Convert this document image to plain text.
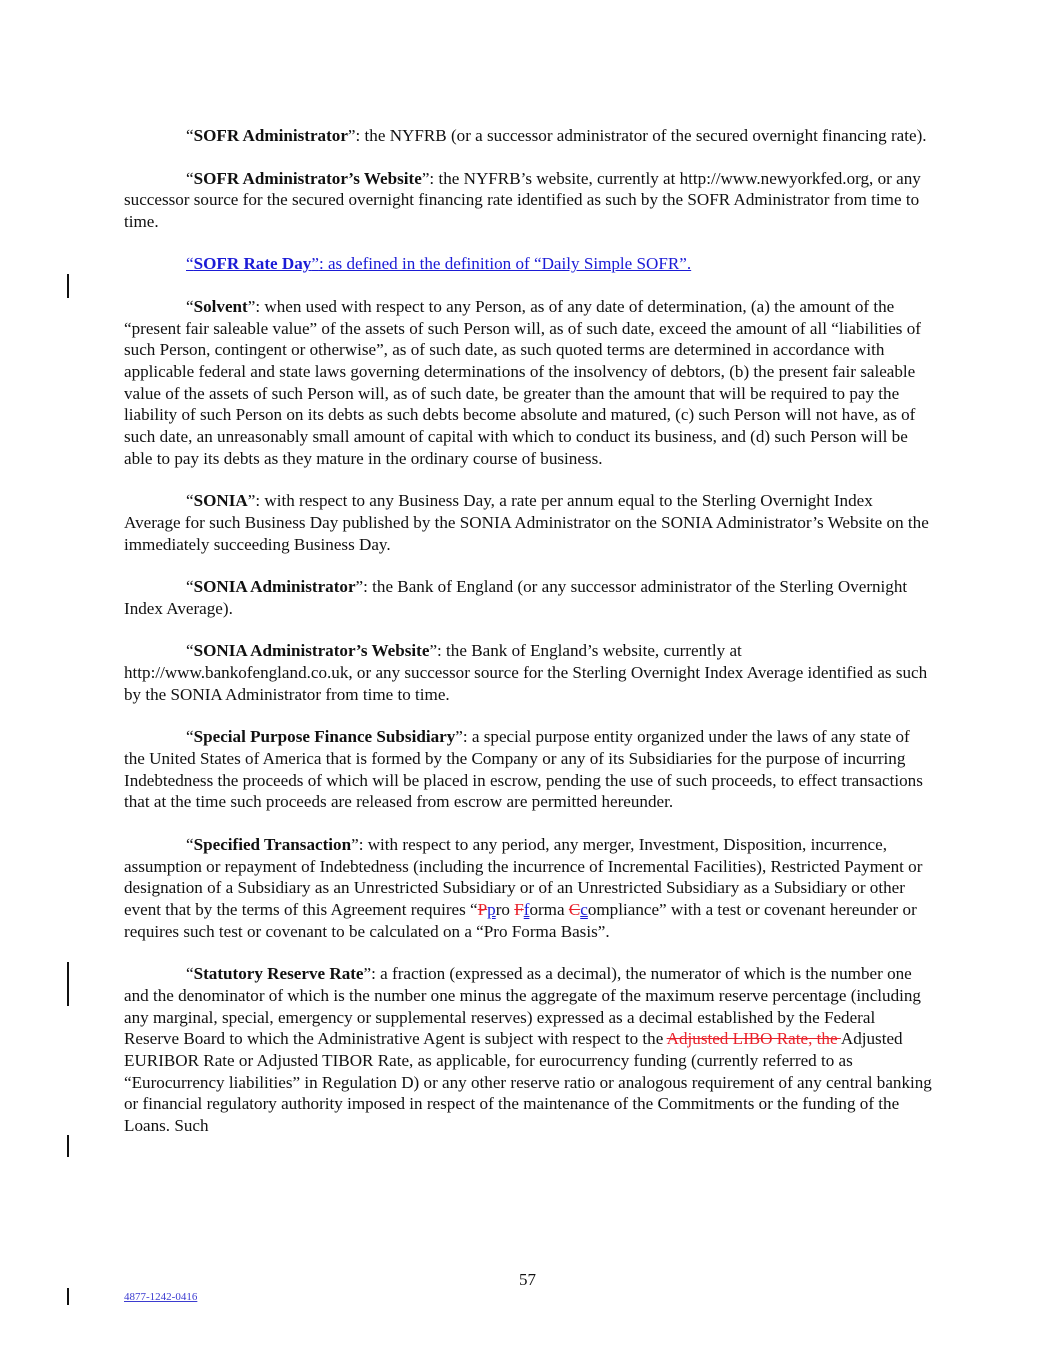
“SOFR Administrator”: the NYFRB (or a successor administrator of the secured overnight financing rate).

“SOFR Administrator’s Website”: the NYFRB’s website, currently at http://www.newyorkfed.org, or any successor source for the secured overnight financing rate identified as such by the SOFR Administrator from time to time.

“SOFR Rate Day”: as defined in the definition of “Daily Simple SOFR”.

“Solvent”: when used with respect to any Person, as of any date of determination, (a) the amount of the “present fair saleable value” of the assets of such Person will, as of such date, exceed the amount of all “liabilities of such Person, contingent or otherwise”, as of such date, as such quoted terms are determined in accordance with applicable federal and state laws governing determinations of the insolvency of debtors, (b) the present fair saleable value of the assets of such Person will, as of such date, be greater than the amount that will be required to pay the liability of such Person on its debts as such debts become absolute and matured, (c) such Person will not have, as of such date, an unreasonably small amount of capital with which to conduct its business, and (d) such Person will be able to pay its debts as they mature in the ordinary course of business.

“SONIA”: with respect to any Business Day, a rate per annum equal to the Sterling Overnight Index Average for such Business Day published by the SONIA Administrator on the SONIA Administrator’s Website on the immediately succeeding Business Day.

“SONIA Administrator”: the Bank of England (or any successor administrator of the Sterling Overnight Index Average).

“SONIA Administrator’s Website”: the Bank of England’s website, currently at http://www.bankofengland.co.uk, or any successor source for the Sterling Overnight Index Average identified as such by the SONIA Administrator from time to time.

“Special Purpose Finance Subsidiary”: a special purpose entity organized under the laws of any state of the United States of America that is formed by the Company or any of its Subsidiaries for the purpose of incurring Indebtedness the proceeds of which will be placed in escrow, pending the use of such proceeds, to effect transactions that at the time such proceeds are released from escrow are permitted hereunder.

“Specified Transaction”: with respect to any period, any merger, Investment, Disposition, incurrence, assumption or repayment of Indebtedness (including the incurrence of Incremental Facilities), Restricted Payment or designation of a Subsidiary as an Unrestricted Subsidiary or of an Unrestricted Subsidiary as a Subsidiary or other event that by the terms of this Agreement requires “Ppro Fforma Ccompliance” with a test or covenant hereunder or requires such test or covenant to be calculated on a “Pro Forma Basis”.

“Statutory Reserve Rate”: a fraction (expressed as a decimal), the numerator of which is the number one and the denominator of which is the number one minus the aggregate of the maximum reserve percentage (including any marginal, special, emergency or supplemental reserves) expressed as a decimal established by the Federal Reserve Board to which the Administrative Agent is subject with respect to the Adjusted LIBO Rate, the Adjusted EURIBOR Rate or Adjusted TIBOR Rate, as applicable, for eurocurrency funding (currently referred to as “Eurocurrency liabilities” in Regulation D) or any other reserve ratio or analogous requirement of any central banking or financial regulatory authority imposed in respect of the maintenance of the Commitments or the funding of the Loans. Such

57
4877-1242-0416
